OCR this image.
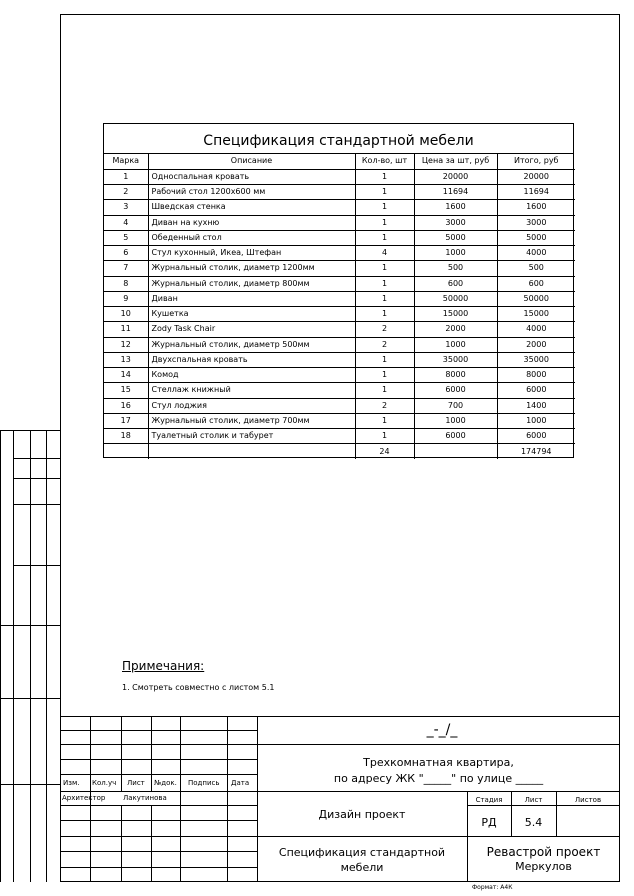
Спецификация стандартной мебели
Марка	Описание	Кол-во, шт	Цена за шт, руб	Итого, руб
1	Односпальная кровать	1	20000	20000
2	Рабочий стол 1200х600 мм	1	11694	11694
3	Шведская стенка	1	1600	1600
4	Диван на кухню	1	3000	3000
5	Обеденный стол	1	5000	5000
6	Стул кухонный, Икеа, Штефан	4	1000	4000
7	Журнальный столик, диаметр 1200мм	1	500	500
8	Журнальный столик, диаметр 800мм	1	600	600
9	Диван	1	50000	50000
10	Кушетка	1	15000	15000
11	Zody Task Chair	2	2000	4000
12	Журнальный столик, диаметр 500мм	2	1000	2000
13	Двухспальная кровать	1	35000	35000
14	Комод	1	8000	8000
15	Стеллаж книжный	1	6000	6000
16	Стул лоджия	2	700	1400
17	Журнальный столик, диаметр 700мм	1	1000	1000
18	Туалетный столик и табурет	1	6000	6000
		24		174794
Примечания:
1. Смотреть совместно с листом 5.1
_-_/_
Трехкомнатная квартира,
по адресу ЖК "_____" по улице _____
Изм. Кол.уч Лист №док. Подпись Дата
Архитектор	Лакутинова
Дизайн проект
Стадия	Лист	Листов
РД	5.4
Спецификация стандартной
мебели
Ревастрой проект
Меркулов
Формат: А4К
